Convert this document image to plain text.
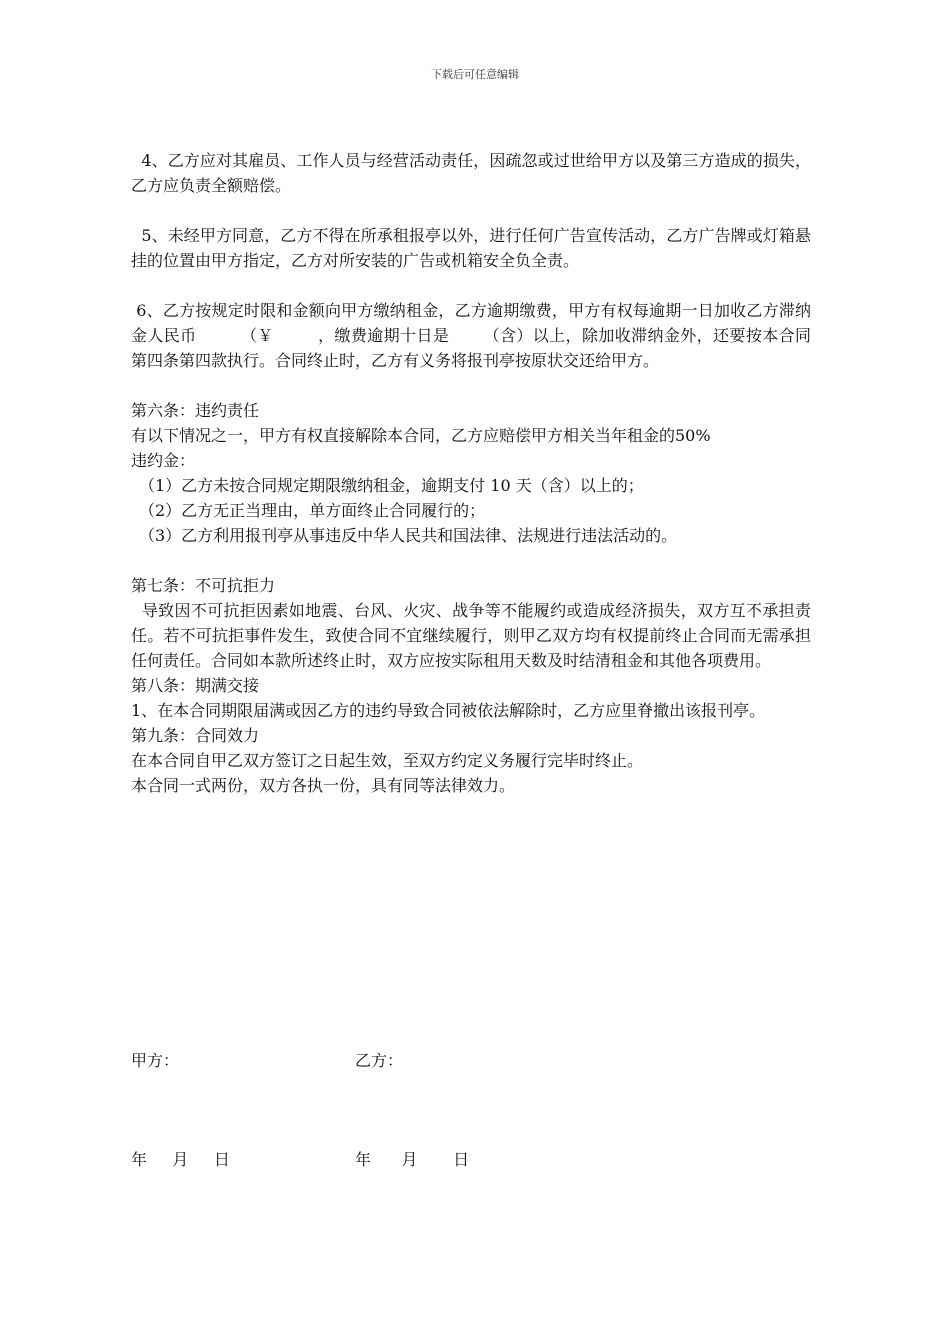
下载后可任意编辑

4、乙方应对其雇员、工作人员与经营活动责任，因疏忽或过世给甲方以及第三方造成的损失，乙方应负责全额赔偿。

5、未经甲方同意，乙方不得在所承租报亭以外，进行任何广告宣传活动，乙方广告牌或灯箱悬挂的位置由甲方指定，乙方对所安装的广告或机箱安全负全责。

6、乙方按规定时限和金额向甲方缴纳租金，乙方逾期缴费，甲方有权每逾期一日加收乙方滞纳金人民币	（￥	，缴费逾期十日是 （含）以上，除加收滞纳金外，还要按本合同第四条第四款执行。合同终止时，乙方有义务将报刊亭按原状交还给甲方。

第六条：违约责任

有以下情况之一，甲方有权直接解除本合同，乙方应赔偿甲方相关当年租金的50%

违约金：
（1）乙方未按合同规定期限缴纳租金，逾期支付 10 天（含）以上的；
（2）乙方无正当理由，单方面终止合同履行的；
（3）乙方利用报刊亭从事违反中华人民共和国法律、法规进行违法活动的。
第七条：不可抗拒力

导致因不可抗拒因素如地震、台风、火灾、战争等不能履约或造成经济损失，双方互不承担责任。若不可抗拒事件发生，致使合同不宜继续履行，则甲乙双方均有权提前终止合同而无需承担任何责任。合同如本款所述终止时，双方应按实际租用天数及时结清租金和其他各项费用。

第八条：期满交接

1、在本合同期限届满或因乙方的违约导致合同被依法解除时，乙方应里脊撤出该报刊亭。

第九条：合同效力
在本合同自甲乙双方签订之日起生效，至双方约定义务履行完毕时终止。
本合同一式两份，双方各执一份，具有同等法律效力。
甲方：	乙方：
年     月     日	年      月       日
